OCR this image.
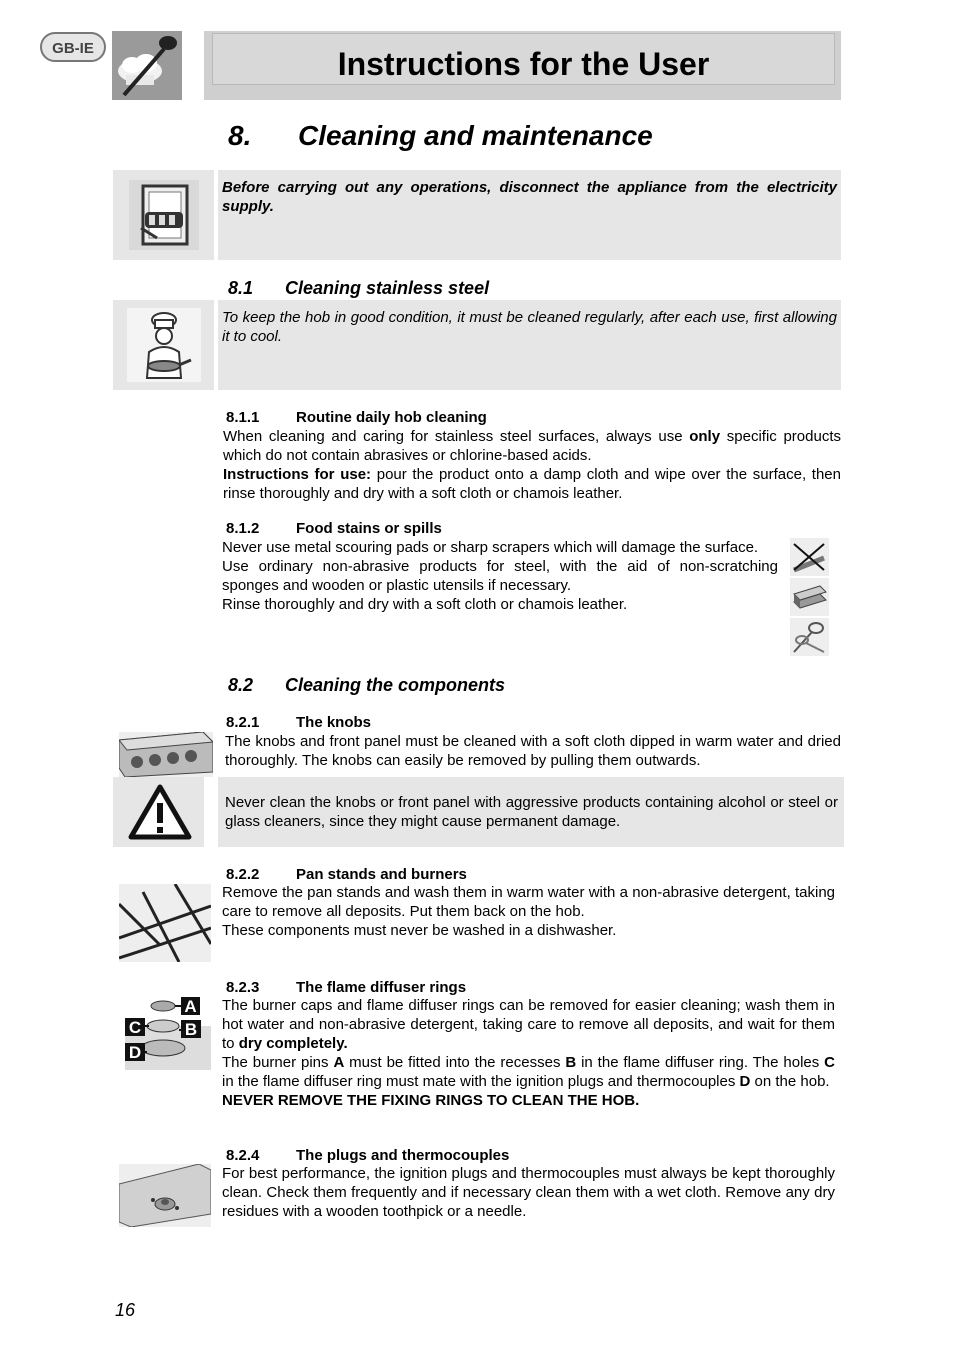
GB-IE	Instructions for the User
8. Cleaning and maintenance
Before carrying out any operations, disconnect the appliance from the electricity supply.
8.1 Cleaning stainless steel
To keep the hob in good condition, it must be cleaned regularly, after each use, first allowing it to cool.
8.1.1 Routine daily hob cleaning

When cleaning and caring for stainless steel surfaces, always use only specific products which do not contain abrasives or chlorine-based acids.

Instructions for use: pour the product onto a damp cloth and wipe over the surface, then rinse thoroughly and dry with a soft cloth or chamois leather.

8.1.2 Food stains or spills

Never use metal scouring pads or sharp scrapers which will damage the surface.

Use ordinary non-abrasive products for steel, with the aid of non-scratching sponges and wooden or plastic utensils if necessary.

Rinse thoroughly and dry with a soft cloth or chamois leather.

8.2 Cleaning the components
8.2.1 The knobs
The knobs and front panel must be cleaned with a soft cloth dipped in warm water and dried thoroughly. The knobs can easily be removed by pulling them outwards.
Never clean the knobs or front panel with aggressive products containing alcohol or steel or glass cleaners, since they might cause permanent damage.
8.2.2 Pan stands and burners

Remove the pan stands and wash them in warm water with a non-abrasive detergent, taking care to remove all deposits. Put them back on the hob.

These components must never be washed in a dishwasher.

8.2.3 The flame diffuser rings
A
C	B
D

The burner caps and flame diffuser rings can be removed for easier cleaning; wash them in hot water and non-abrasive detergent, taking care to remove all deposits, and wait for them to dry completely.

The burner pins A must be fitted into the recesses B in the flame diffuser ring. The holes C in the flame diffuser ring must mate with the ignition plugs and thermocouples D on the hob.

NEVER REMOVE THE FIXING RINGS TO CLEAN THE HOB.

8.2.4 The plugs and thermocouples
For best performance, the ignition plugs and thermocouples must always be kept thoroughly clean. Check them frequently and if necessary clean them with a wet cloth. Remove any dry residues with a wooden toothpick or a needle.
16
